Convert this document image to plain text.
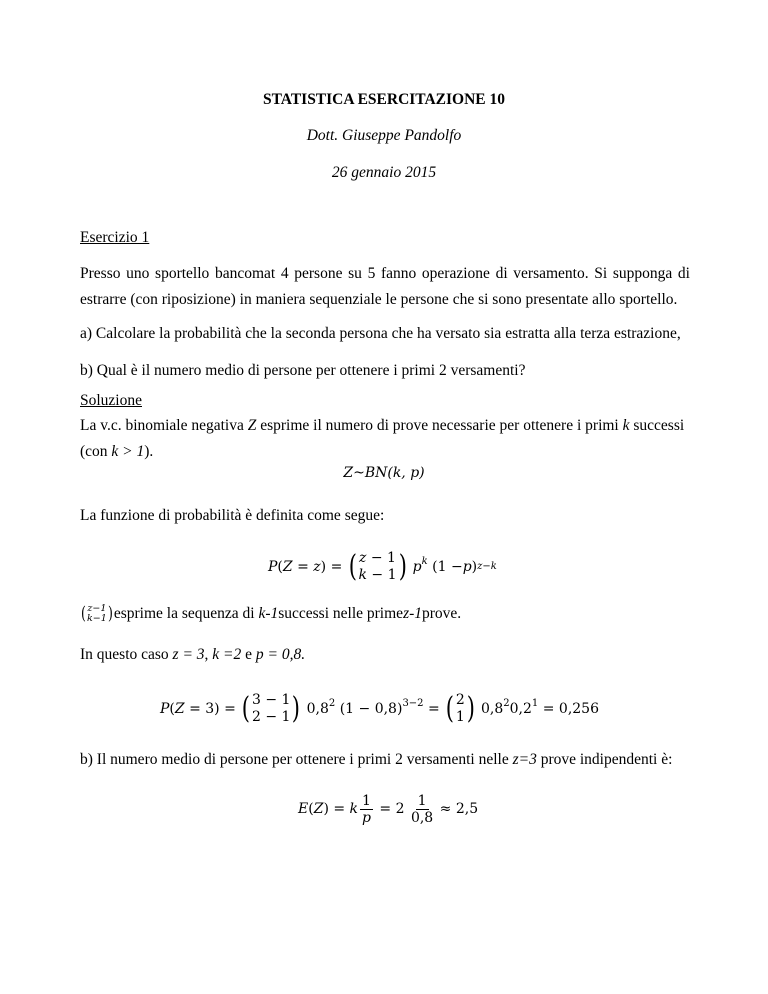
STATISTICA ESERCITAZIONE 10
Dott. Giuseppe Pandolfo
26 gennaio 2015
Esercizio 1
Presso uno sportello bancomat 4 persone su 5 fanno operazione di versamento. Si supponga di
estrarre (con riposizione) in maniera sequenziale le persone che si sono presentate allo sportello.
a) Calcolare la probabilità che la seconda persona che ha versato sia estratta alla terza estrazione,
b) Qual è il numero medio di persone per ottenere i primi 2 versamenti?
Soluzione
La v.c. binomiale negativa Z esprime il numero di prove necessarie per ottenere i primi k successi
(con k > 1).
Z~BN(k, p)
La funzione di probabilità è definita come segue:
P ( Z = z ) = ( z − 1
k − 1 ) $p^k$ (1 − p ) z−k
( z−1
k−1 ) esprime la sequenza di
k-1 successi nelle prime z-1 prove.
In questo caso z = 3, k =2 e p = 0,8.
P ( Z = 3) = ( 3 − 1
2 − 1 ) $0,8^2$ $(1 - 0,8)^{3-2}$ = ( 2
1 ) $0,8^20,2^1 = 0,256$
b) Il numero medio di persone per ottenere i primi 2 versamenti nelle z=3 prove indipendenti è:
E ( Z ) = k $\frac{1}{p} = 2 \frac{1}{0,8} \approx 2,5$
